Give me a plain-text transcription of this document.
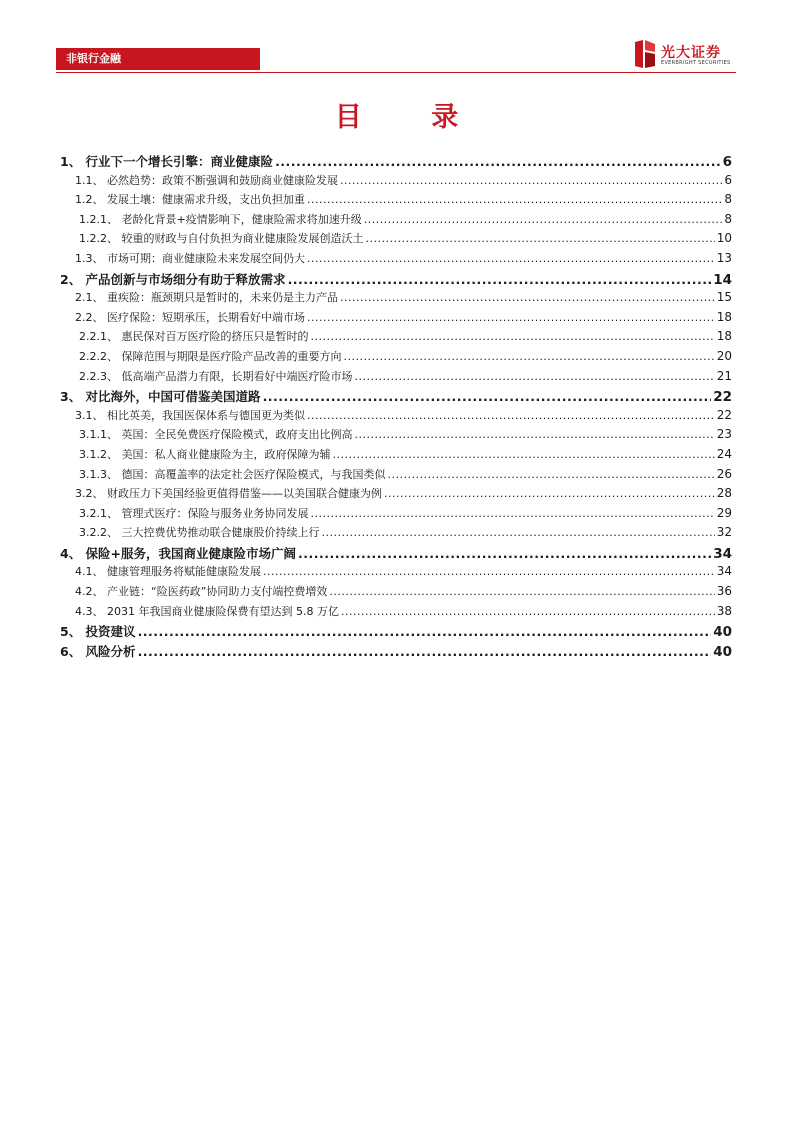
非银行金融	光大证券
EVERBRIGHT SECURITIES
目 录
1、 行业下一个增长引擎：商业健康险 .....	6
1.1、 必然趋势：政策不断强调和鼓励商业健康险发展 .....	6
1.2、 发展土壤：健康需求升级，支出负担加重 .....	8
1.2.1、 老龄化背景+疫情影响下，健康险需求将加速升级 .....	8
1.2.2、 较重的财政与自付负担为商业健康险发展创造沃土 .....	10
1.3、 市场可期：商业健康险未来发展空间仍大 .....	13
2、 产品创新与市场细分有助于释放需求 .....	14
2.1、 重疾险：瓶颈期只是暂时的，未来仍是主力产品 .....	15
2.2、 医疗保险：短期承压，长期看好中端市场 .....	18
2.2.1、 惠民保对百万医疗险的挤压只是暂时的 .....	18
2.2.2、 保障范围与期限是医疗险产品改善的重要方向 .....	20
2.2.3、 低高端产品潜力有限，长期看好中端医疗险市场 .....	21
3、 对比海外，中国可借鉴美国道路 .....	22
3.1、 相比英美，我国医保体系与德国更为类似 .....	22
3.1.1、 英国：全民免费医疗保险模式，政府支出比例高 .....	23
3.1.2、 美国：私人商业健康险为主，政府保障为辅 .....	24
3.1.3、 德国：高覆盖率的法定社会医疗保险模式，与我国类似 .....	26
3.2、 财政压力下美国经验更值得借鉴——以美国联合健康为例 .....	28
3.2.1、 管理式医疗：保险与服务业务协同发展 .....	29
3.2.2、 三大控费优势推动联合健康股价持续上行 .....	32
4、 保险+服务，我国商业健康险市场广阔 .....	34
4.1、 健康管理服务将赋能健康险发展 .....	34
4.2、 产业链：“险医药政”协同助力支付端控费增效 .....	36
4.3、 2031 年我国商业健康险保费有望达到 5.8 万亿 .....	38
5、 投资建议 .....	40
6、 风险分析 .....	40
